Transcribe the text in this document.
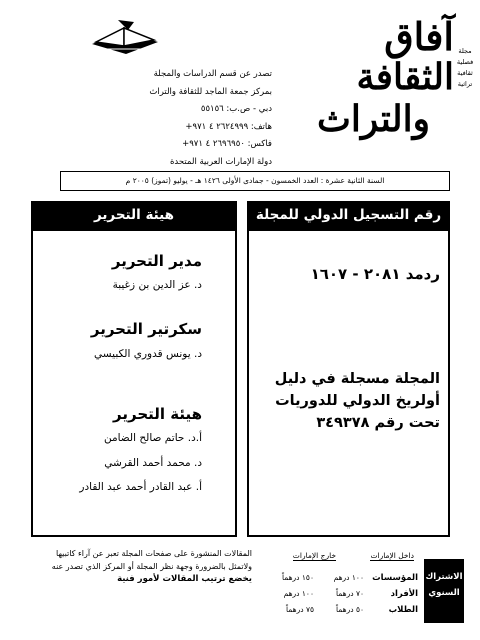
تصدر عن قسم الدراسات والمجلة
بمركز جمعة الماجد للثقافة والتراث
دبي - ص.ب: ٥٥١٥٦
هاتف: ٢٦٢٤٩٩٩ ٤ ٩٧١+
فاكس: ٢٦٩٦٩٥٠ ٤ ٩٧١+
دولة الإمارات العربية المتحدة
آفاق
الثقافة
والتراث
مجلة
فصلية
ثقافية
تراثية
السنة الثانية عشرة : العدد الخمسون - جمادى الأولى ١٤٢٦ هـ - يوليو (تموز) ٢٠٠٥ م
رقم التسجيل الدولي للمجلة
هيئة التحرير
ردمد ٢٠٨١ - ١٦٠٧
المجلة مسجلة في دليل
أولريخ الدولي للدوريات
تحت رقم ٣٤٩٣٧٨
مدير التحرير
د. عز الدين بن زغيبة
سكرتير التحرير
د. يونس قدوري الكبيسي
هيئة التحرير
أ.د. حاتم صالح الضامن
د. محمد أحمد القرشي
أ. عبد القادر أحمد عبد القادر
المقالات المنشورة على صفحات المجلة تعبر عن آراء كاتبيها
ولاتمثل بالضرورة وجهة نظر المجلة أو المركز الذي تصدر عنه
يخضع ترتيب المقالات لأمور فنية
داخل الإمارات
خارج الإمارات
الاشتراك
السنوي
المؤسسات
١٠٠ درهم
١٥٠ درهماً
الأفراد
٧٠ درهماً
١٠٠ درهم
الطلاب
٥٠ درهماً
٧٥ درهماً
